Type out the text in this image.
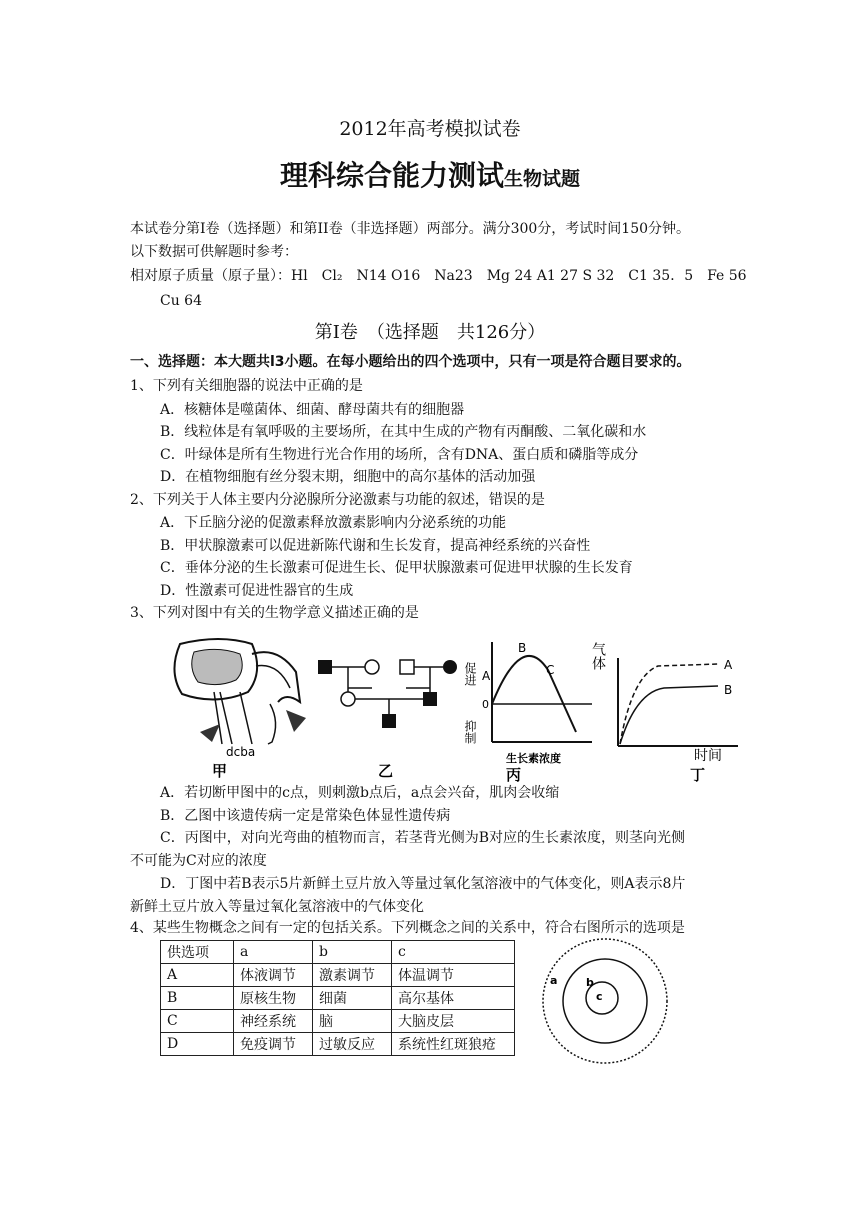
2012年高考模拟试卷
理科综合能力测试生物试题
本试卷分第I卷（选择题）和第II卷（非选择题）两部分。满分300分，考试时间150分钟。
以下数据可供解题时参考：
相对原子质量（原子量）：Hl　Cl₂　N14 O16　Na23　Mg 24 A1 27 S 32　C1 35．5　Fe 56
Cu 64
第Ⅰ卷　（选择题　共126分）
一、选择题：本大题共l3小题。在每小题给出的四个选项中，只有一项是符合题目要求的。
1、下列有关细胞器的说法中正确的是
A．核糖体是噬菌体、细菌、酵母菌共有的细胞器
B．线粒体是有氧呼吸的主要场所，在其中生成的产物有丙酮酸、二氧化碳和水
C．叶绿体是所有生物进行光合作用的场所，含有DNA、蛋白质和磷脂等成分
D．在植物细胞有丝分裂末期，细胞中的高尔基体的活动加强
2、下列关于人体主要内分泌腺所分泌激素与功能的叙述，错误的是
A．下丘脑分泌的促激素释放激素影响内分泌系统的功能
B．甲状腺激素可以促进新陈代谢和生长发育，提高神经系统的兴奋性
C．垂体分泌的生长激素可促进生长、促甲状腺激素可促进甲状腺的生长发育
D．性激素可促进性器官的生成
3、下列对图中有关的生物学意义描述正确的是
dcba
甲	乙
促进
抑制
0
A
B
C
生长素浓度
丙
气体	A
B
时间
丁
A．若切断甲图中的c点，则刺激b点后，a点会兴奋，肌肉会收缩
B．乙图中该遗传病一定是常染色体显性遗传病
C．丙图中，对向光弯曲的植物而言，若茎背光侧为B对应的生长素浓度，则茎向光侧
不可能为C对应的浓度
D．丁图中若B表示5片新鲜土豆片放入等量过氧化氢溶液中的气体变化，则A表示8片
新鲜土豆片放入等量过氧化氢溶液中的气体变化
4、某些生物概念之间有一定的包括关系。下列概念之间的关系中，符合右图所示的选项是
供选项	a	b	c
A	体液调节	激素调节	体温调节
B	原核生物	细菌	高尔基体
C	神经系统	脑	大脑皮层
D	免疫调节	过敏反应	系统性红斑狼疮
a	b
c
